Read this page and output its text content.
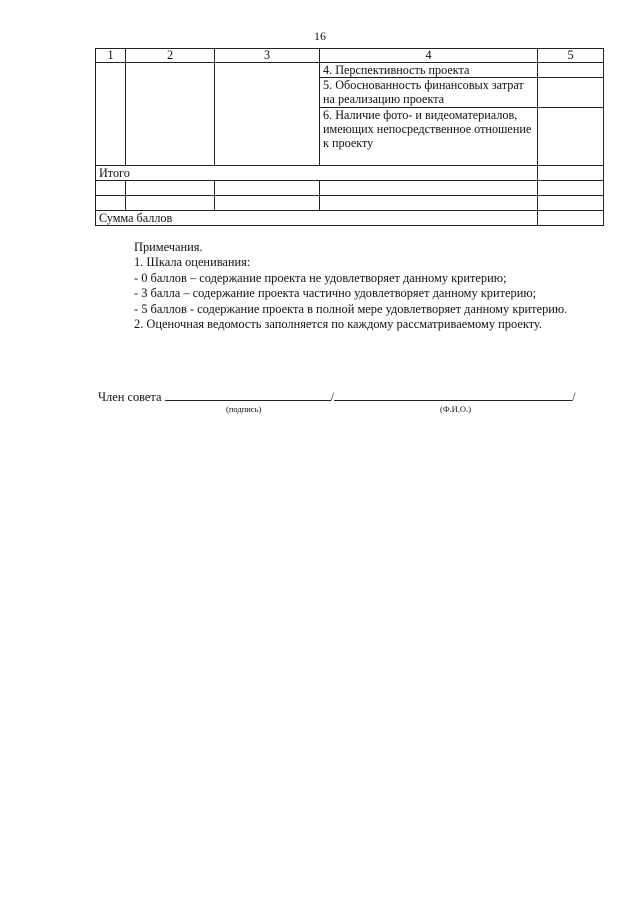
16
1	2	3	4	5
			4. Перспективность проекта	
			5. Обоснованность финансовых затрат на реализацию проекта	
			6. Наличие фото- и видеоматериалов, имеющих непосредственное отношение к проекту	
Итого				

Сумма баллов				

Примечания.

1. Шкала оценивания:

- 0 баллов – содержание проекта не удовлетворяет данному критерию;

- 3 балла – содержание проекта частично удовлетворяет данному критерию;

- 5 баллов - содержание проекта в полной мере удовлетворяет данному критерию.

2. Оценочная ведомость заполняется по каждому рассматриваемому проекту.

Член совета	/	/
(подпись)	(Ф.И.О.)
